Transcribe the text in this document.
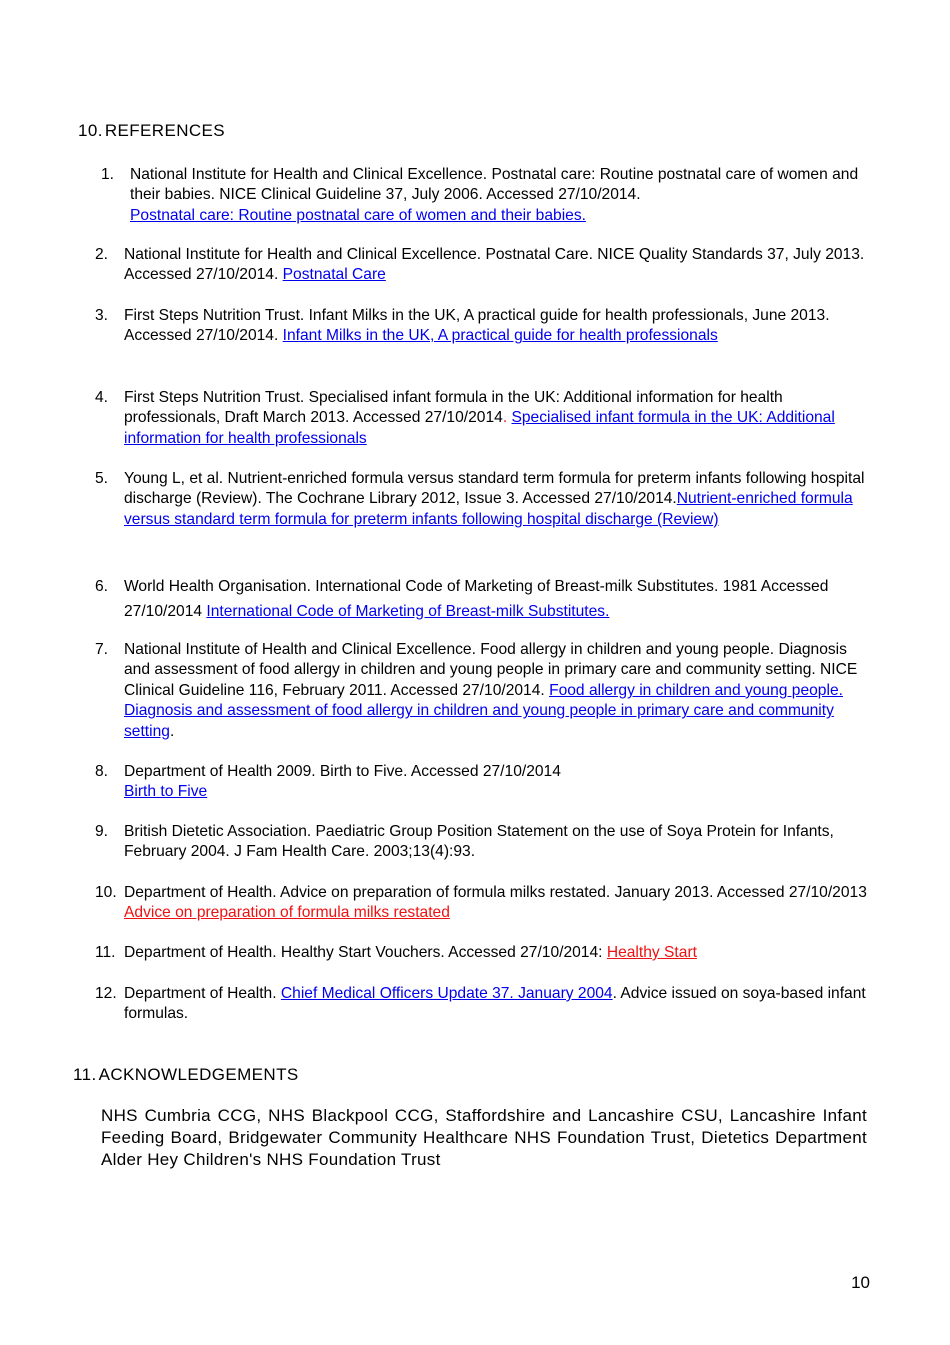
10. REFERENCES
1.	National Institute for Health and Clinical Excellence. Postnatal care: Routine postnatal care of women and their babies. NICE Clinical Guideline 37, July 2006. Accessed 27/10/2014.
Postnatal care: Routine postnatal care of women and their babies.
2.	National Institute for Health and Clinical Excellence. Postnatal Care. NICE Quality Standards 37, July 2013. Accessed 27/10/2014. Postnatal Care
3.	First Steps Nutrition Trust. Infant Milks in the UK, A practical guide for health professionals, June 2013. Accessed 27/10/2014. Infant Milks in the UK, A practical guide for health professionals
4.	First Steps Nutrition Trust. Specialised infant formula in the UK: Additional information for health professionals, Draft March 2013. Accessed 27/10/2014. Specialised infant formula in the UK: Additional information for health professionals
5.	Young L, et al. Nutrient-enriched formula versus standard term formula for preterm infants following hospital discharge (Review). The Cochrane Library 2012, Issue 3. Accessed 27/10/2014.Nutrient-enriched formula versus standard term formula for preterm infants following hospital discharge (Review)
6.	World Health Organisation. International Code of Marketing of Breast-milk Substitutes. 1981 Accessed 27/10/2014 International Code of Marketing of Breast-milk Substitutes.
7.	National Institute of Health and Clinical Excellence. Food allergy in children and young people. Diagnosis and assessment of food allergy in children and young people in primary care and community setting. NICE Clinical Guideline 116, February 2011. Accessed 27/10/2014. Food allergy in children and young people. Diagnosis and assessment of food allergy in children and young people in primary care and community setting.
8.	Department of Health 2009. Birth to Five. Accessed 27/10/2014
Birth to Five
9.	British Dietetic Association. Paediatric Group Position Statement on the use of Soya Protein for Infants, February 2004. J Fam Health Care. 2003;13(4):93.
10. Department of Health. Advice on preparation of formula milks restated. January 2013. Accessed 27/10/2013 Advice on preparation of formula milks restated
11. Department of Health. Healthy Start Vouchers. Accessed 27/10/2014: Healthy Start
12. Department of Health. Chief Medical Officers Update 37. January 2004. Advice issued on soya-based infant formulas.
11. ACKNOWLEDGEMENTS
NHS Cumbria CCG, NHS Blackpool CCG, Staffordshire and Lancashire CSU, Lancashire Infant Feeding Board, Bridgewater Community Healthcare NHS Foundation Trust, Dietetics Department Alder Hey Children's NHS Foundation Trust
10
